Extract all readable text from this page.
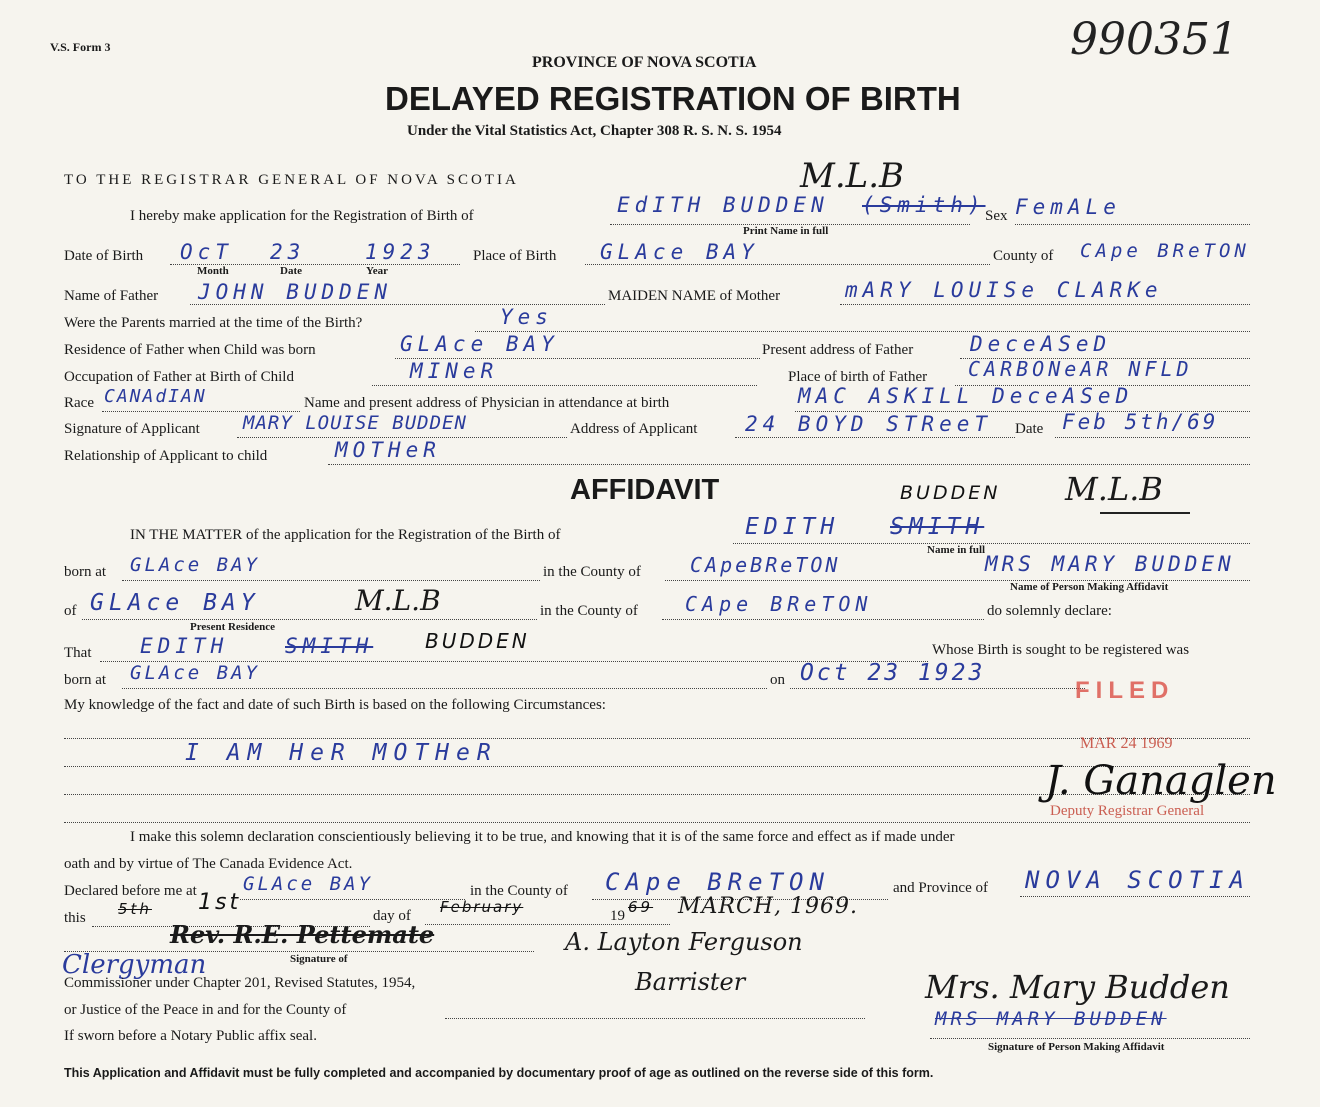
V.S. Form 3	990351
PROVINCE OF NOVA SCOTIA
DELAYED REGISTRATION OF BIRTH
Under the Vital Statistics Act, Chapter 308 R. S. N. S. 1954
TO THE REGISTRAR GENERAL OF NOVA SCOTIA	M.L.B
I hereby make application for the Registration of Birth of	EdITH BUDDEN (Smith) Sex FemALe
Print Name in full
Date of Birth OcT 23	1923
Month	Date	Year
Place of Birth GLAce BAY	County of CApe BReTON
Name of Father JOHN BUDDEN	MAIDEN NAME of Mother	mARY LOUISe CLARKe
Were the Parents married at the time of the Birth?	Yes
Residence of Father when Child was born	GLAce BAY	Present address of Father	DeceASeD
Occupation of Father at Birth of Child	MINeR	Place of birth of Father CARBONeAR NFLD
Race CANAdIAN	Name and present address of Physician in attendance at birth	MAC ASKILL DeceASeD
Signature of Applicant MARY LOUISE BUDDEN	Address of Applicant 24 BOYD STReeT Date Feb 5th/69
Relationship of Applicant to child	MOTHeR
AFFIDAVIT	BUDDEN M.L.B
IN THE MATTER of the application for the Registration of the Birth of	EDITH SMITH
Name in full
born at GLAce BAY	in the County of CApeBReTON	MRS MARY BUDDEN
Name of Person Making Affidavit
of GLAce BAY	M.L.B
Present Residence
in the County of CApe BReTON	do solemnly declare:
That EDITH	SMITH	BUDDEN	Whose Birth is sought to be registered was
born at GLAce BAY	on Oct 23 1923
My knowledge of the fact and date of such Birth is based on the following Circumstances:
I AM HeR MOTHeR
FILED
MAR 24 1969
J. Ganaglen
Deputy Registrar General
I make this solemn declaration conscientiously believing it to be true, and knowing that it is of the same force and effect as if made under
oath and by virtue of The Canada Evidence Act.
Declared before me at GLAce BAY	in the County of CApe BReTON	and Province of NOVA SCOTIA
this 5th 1st
day of February	19 69 MARCH, 1969.
Rev. R.E. Pettemate
Signature of
A. Layton Ferguson
Barrister
Clergyman
Commissioner under Chapter 201, Revised Statutes, 1954,
or Justice of the Peace in and for the County of
If sworn before a Notary Public affix seal.
Mrs. Mary Budden
MRS MARY BUDDEN
Signature of Person Making Affidavit
This Application and Affidavit must be fully completed and accompanied by documentary proof of age as outlined on the reverse side of this form.
